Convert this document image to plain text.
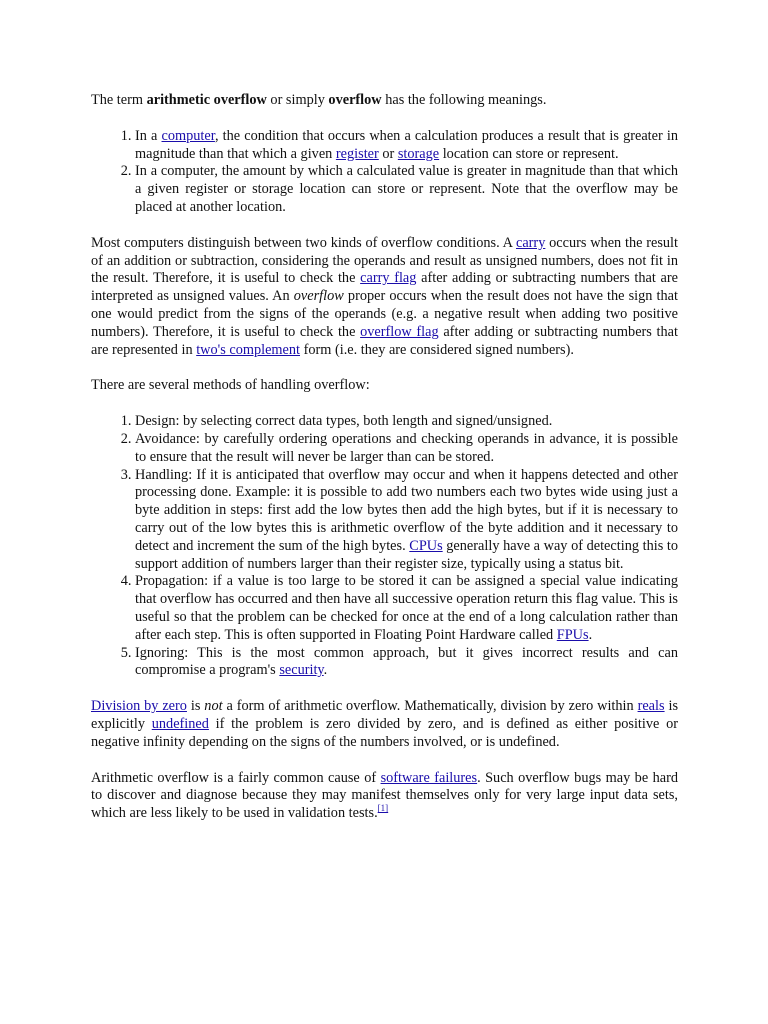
The term arithmetic overflow or simply overflow has the following meanings.

1. In a computer, the condition that occurs when a calculation produces a result that is greater in magnitude than that which a given register or storage location can store or represent.
2. In a computer, the amount by which a calculated value is greater in magnitude than that which a given register or storage location can store or represent. Note that the overflow may be placed at another location.

Most computers distinguish between two kinds of overflow conditions. A carry occurs when the result of an addition or subtraction, considering the operands and result as unsigned numbers, does not fit in the result. Therefore, it is useful to check the carry flag after adding or subtracting numbers that are interpreted as unsigned values. An overflow proper occurs when the result does not have the sign that one would predict from the signs of the operands (e.g. a negative result when adding two positive numbers). Therefore, it is useful to check the overflow flag after adding or subtracting numbers that are represented in two's complement form (i.e. they are considered signed numbers).

There are several methods of handling overflow:

1. Design: by selecting correct data types, both length and signed/unsigned.
2. Avoidance: by carefully ordering operations and checking operands in advance, it is possible to ensure that the result will never be larger than can be stored.
3. Handling: If it is anticipated that overflow may occur and when it happens detected and other processing done. Example: it is possible to add two numbers each two bytes wide using just a byte addition in steps: first add the low bytes then add the high bytes, but if it is necessary to carry out of the low bytes this is arithmetic overflow of the byte addition and it necessary to detect and increment the sum of the high bytes. CPUs generally have a way of detecting this to support addition of numbers larger than their register size, typically using a status bit.
4. Propagation: if a value is too large to be stored it can be assigned a special value indicating that overflow has occurred and then have all successive operation return this flag value. This is useful so that the problem can be checked for once at the end of a long calculation rather than after each step. This is often supported in Floating Point Hardware called FPUs.
5. Ignoring: This is the most common approach, but it gives incorrect results and can compromise a program's security.

Division by zero is not a form of arithmetic overflow. Mathematically, division by zero within reals is explicitly undefined if the problem is zero divided by zero, and is defined as either positive or negative infinity depending on the signs of the numbers involved, or is undefined.

Arithmetic overflow is a fairly common cause of software failures. Such overflow bugs may be hard to discover and diagnose because they may manifest themselves only for very large input data sets, which are less likely to be used in validation tests.[1]
